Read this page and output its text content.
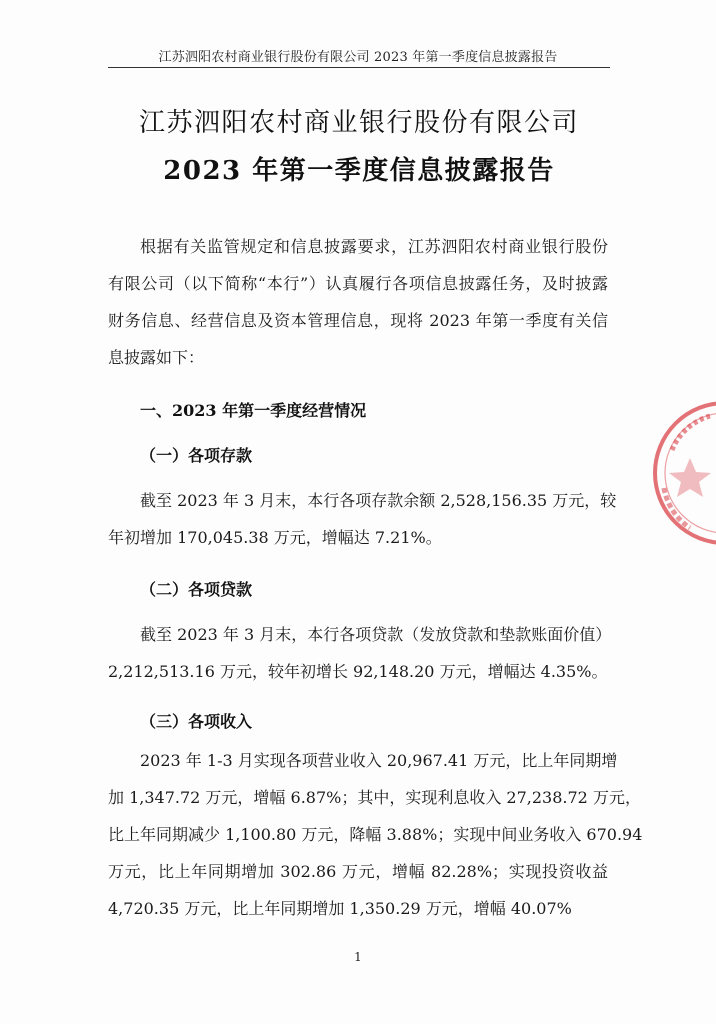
江苏泗阳农村商业银行股份有限公司 2023 年第一季度信息披露报告
江苏泗阳农村商业银行股份有限公司
2023 年第一季度信息披露报告
根据有关监管规定和信息披露要求，江苏泗阳农村商业银行股份
有限公司（以下简称“本行”）认真履行各项信息披露任务，及时披露
财务信息、经营信息及资本管理信息，现将 2023 年第一季度有关信
息披露如下：
一、2023 年第一季度经营情况
（一）各项存款
截至 2023 年 3 月末，本行各项存款余额 2,528,156.35 万元，较
年初增加 170,045.38 万元，增幅达 7.21%。
（二）各项贷款
截至 2023 年 3 月末，本行各项贷款（发放贷款和垫款账面价值）
2,212,513.16 万元，较年初增长 92,148.20 万元，增幅达 4.35%。
（三）各项收入
2023 年 1-3 月实现各项营业收入 20,967.41 万元，比上年同期增
加 1,347.72 万元，增幅 6.87%；其中，实现利息收入 27,238.72 万元，
比上年同期减少 1,100.80 万元，降幅 3.88%；实现中间业务收入 670.94
万元，比上年同期增加 302.86 万元，增幅 82.28%；实现投资收益
4,720.35 万元，比上年同期增加 1,350.29 万元，增幅 40.07%
1
